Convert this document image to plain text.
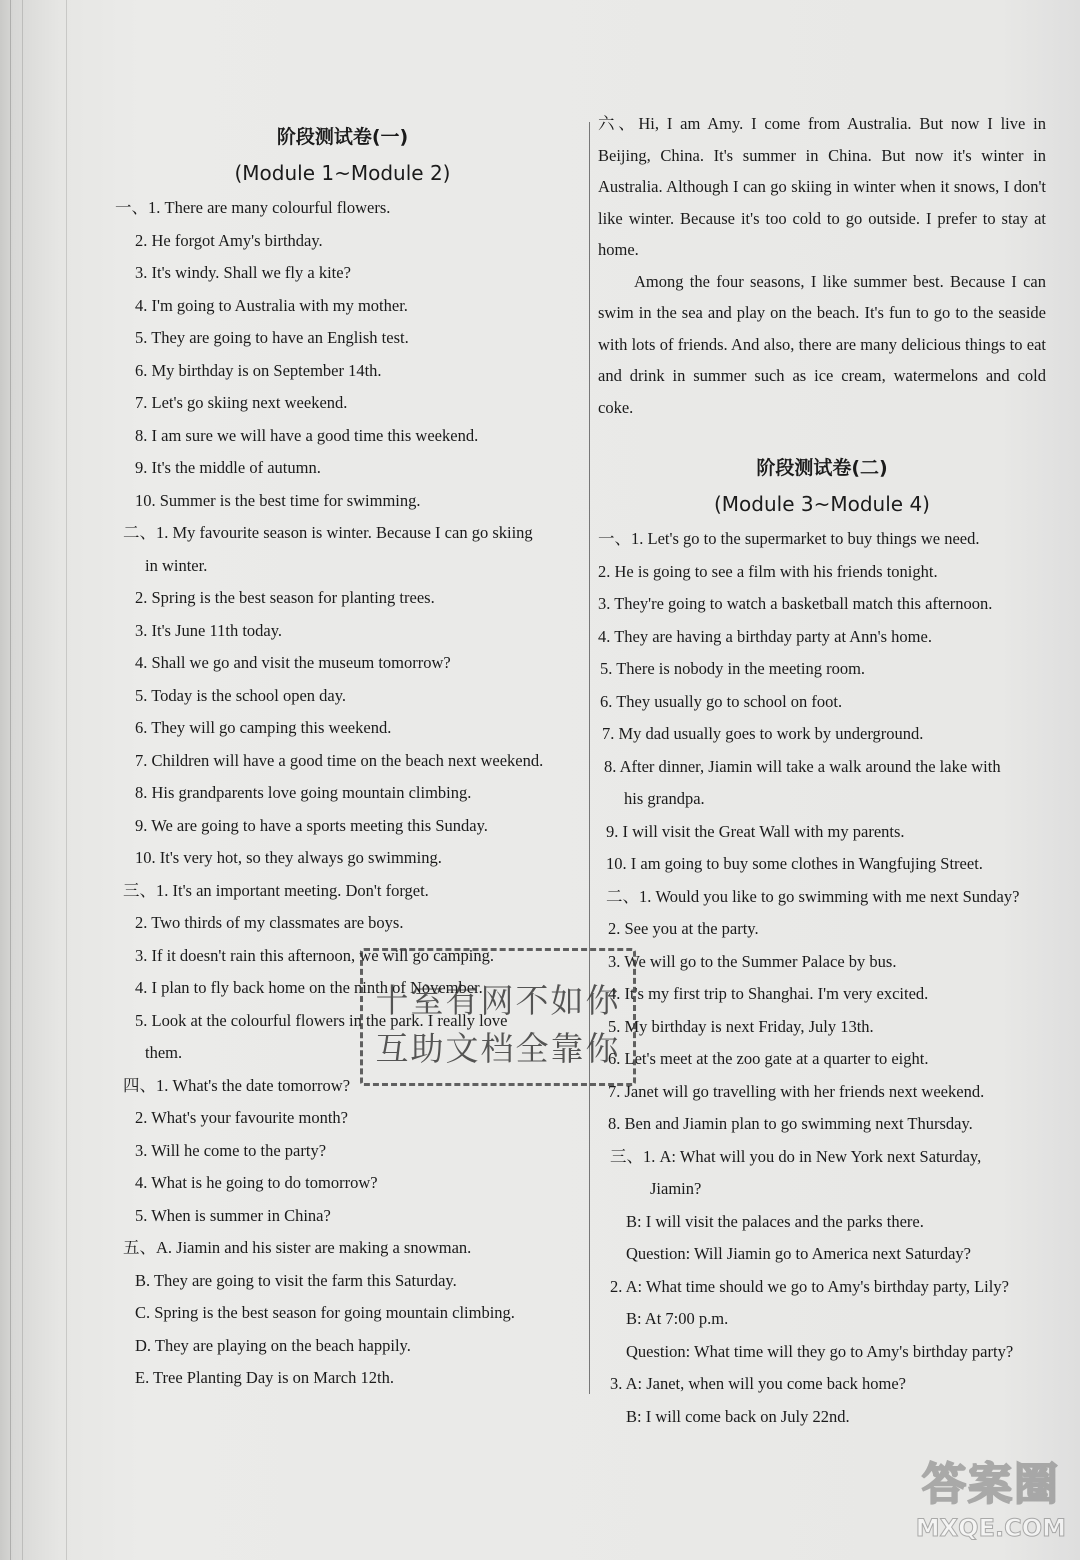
阶段测试卷(一)
(Module 1~Module 2)
一、1. There are many colourful flowers.
2. He forgot Amy's birthday.
3. It's windy. Shall we fly a kite?
4. I'm going to Australia with my mother.
5. They are going to have an English test.
6. My birthday is on September 14th.
7. Let's go skiing next weekend.
8. I am sure we will have a good time this weekend.
9. It's the middle of autumn.
10. Summer is the best time for swimming.
二、1. My favourite season is winter. Because I can go skiing
in winter.
2. Spring is the best season for planting trees.
3. It's June 11th today.
4. Shall we go and visit the museum tomorrow?
5. Today is the school open day.
6. They will go camping this weekend.
7. Children will have a good time on the beach next weekend.
8. His grandparents love going mountain climbing.
9. We are going to have a sports meeting this Sunday.
10. It's very hot, so they always go swimming.
三、1. It's an important meeting. Don't forget.
2. Two thirds of my classmates are boys.
3. If it doesn't rain this afternoon, we will go camping.
4. I plan to fly back home on the ninth of November.
5. Look at the colourful flowers in the park. I really love
them.
四、1. What's the date tomorrow?
2. What's your favourite month?
3. Will he come to the party?
4. What is he going to do tomorrow?
5. When is summer in China?
五、A. Jiamin and his sister are making a snowman.
B. They are going to visit the farm this Saturday.
C. Spring is the best season for going mountain climbing.
D. They are playing on the beach happily.
E. Tree Planting Day is on March 12th.

六、Hi, I am Amy. I come from Australia. But now I live in Beijing, China. It's summer in China. But now it's winter in Australia. Although I can go skiing in winter when it snows, I don't like winter. Because it's too cold to go outside. I prefer to stay at home.

Among the four seasons, I like summer best. Because I can swim in the sea and play on the beach. It's fun to go to the seaside with lots of friends. And also, there are many delicious things to eat and drink in summer such as ice cream, watermelons and cold coke.

阶段测试卷(二)
(Module 3~Module 4)
一、1. Let's go to the supermarket to buy things we need.
2. He is going to see a film with his friends tonight.
3. They're going to watch a basketball match this afternoon.
4. They are having a birthday party at Ann's home.
5. There is nobody in the meeting room.
6. They usually go to school on foot.
7. My dad usually goes to work by underground.
8. After dinner, Jiamin will take a walk around the lake with
his grandpa.
9. I will visit the Great Wall with my parents.
10. I am going to buy some clothes in Wangfujing Street.
二、1. Would you like to go swimming with me next Sunday?
2. See you at the party.
3. We will go to the Summer Palace by bus.
4. It's my first trip to Shanghai. I'm very excited.
5. My birthday is next Friday, July 13th.
6. Let's meet at the zoo gate at a quarter to eight.
7. Janet will go travelling with her friends next weekend.
8. Ben and Jiamin plan to go swimming next Thursday.
三、1. A: What will you do in New York next Saturday,
Jiamin?
B: I will visit the palaces and the parks there.
Question: Will Jiamin go to America next Saturday?
2. A: What time should we go to Amy's birthday party, Lily?
B: At 7:00 p.m.
Question: What time will they go to Amy's birthday party?
3. A: Janet, when will you come back home?
B: I will come back on July 22nd.
十室有网不如你
互助文档全靠你
答案圈
MXQE.COM
